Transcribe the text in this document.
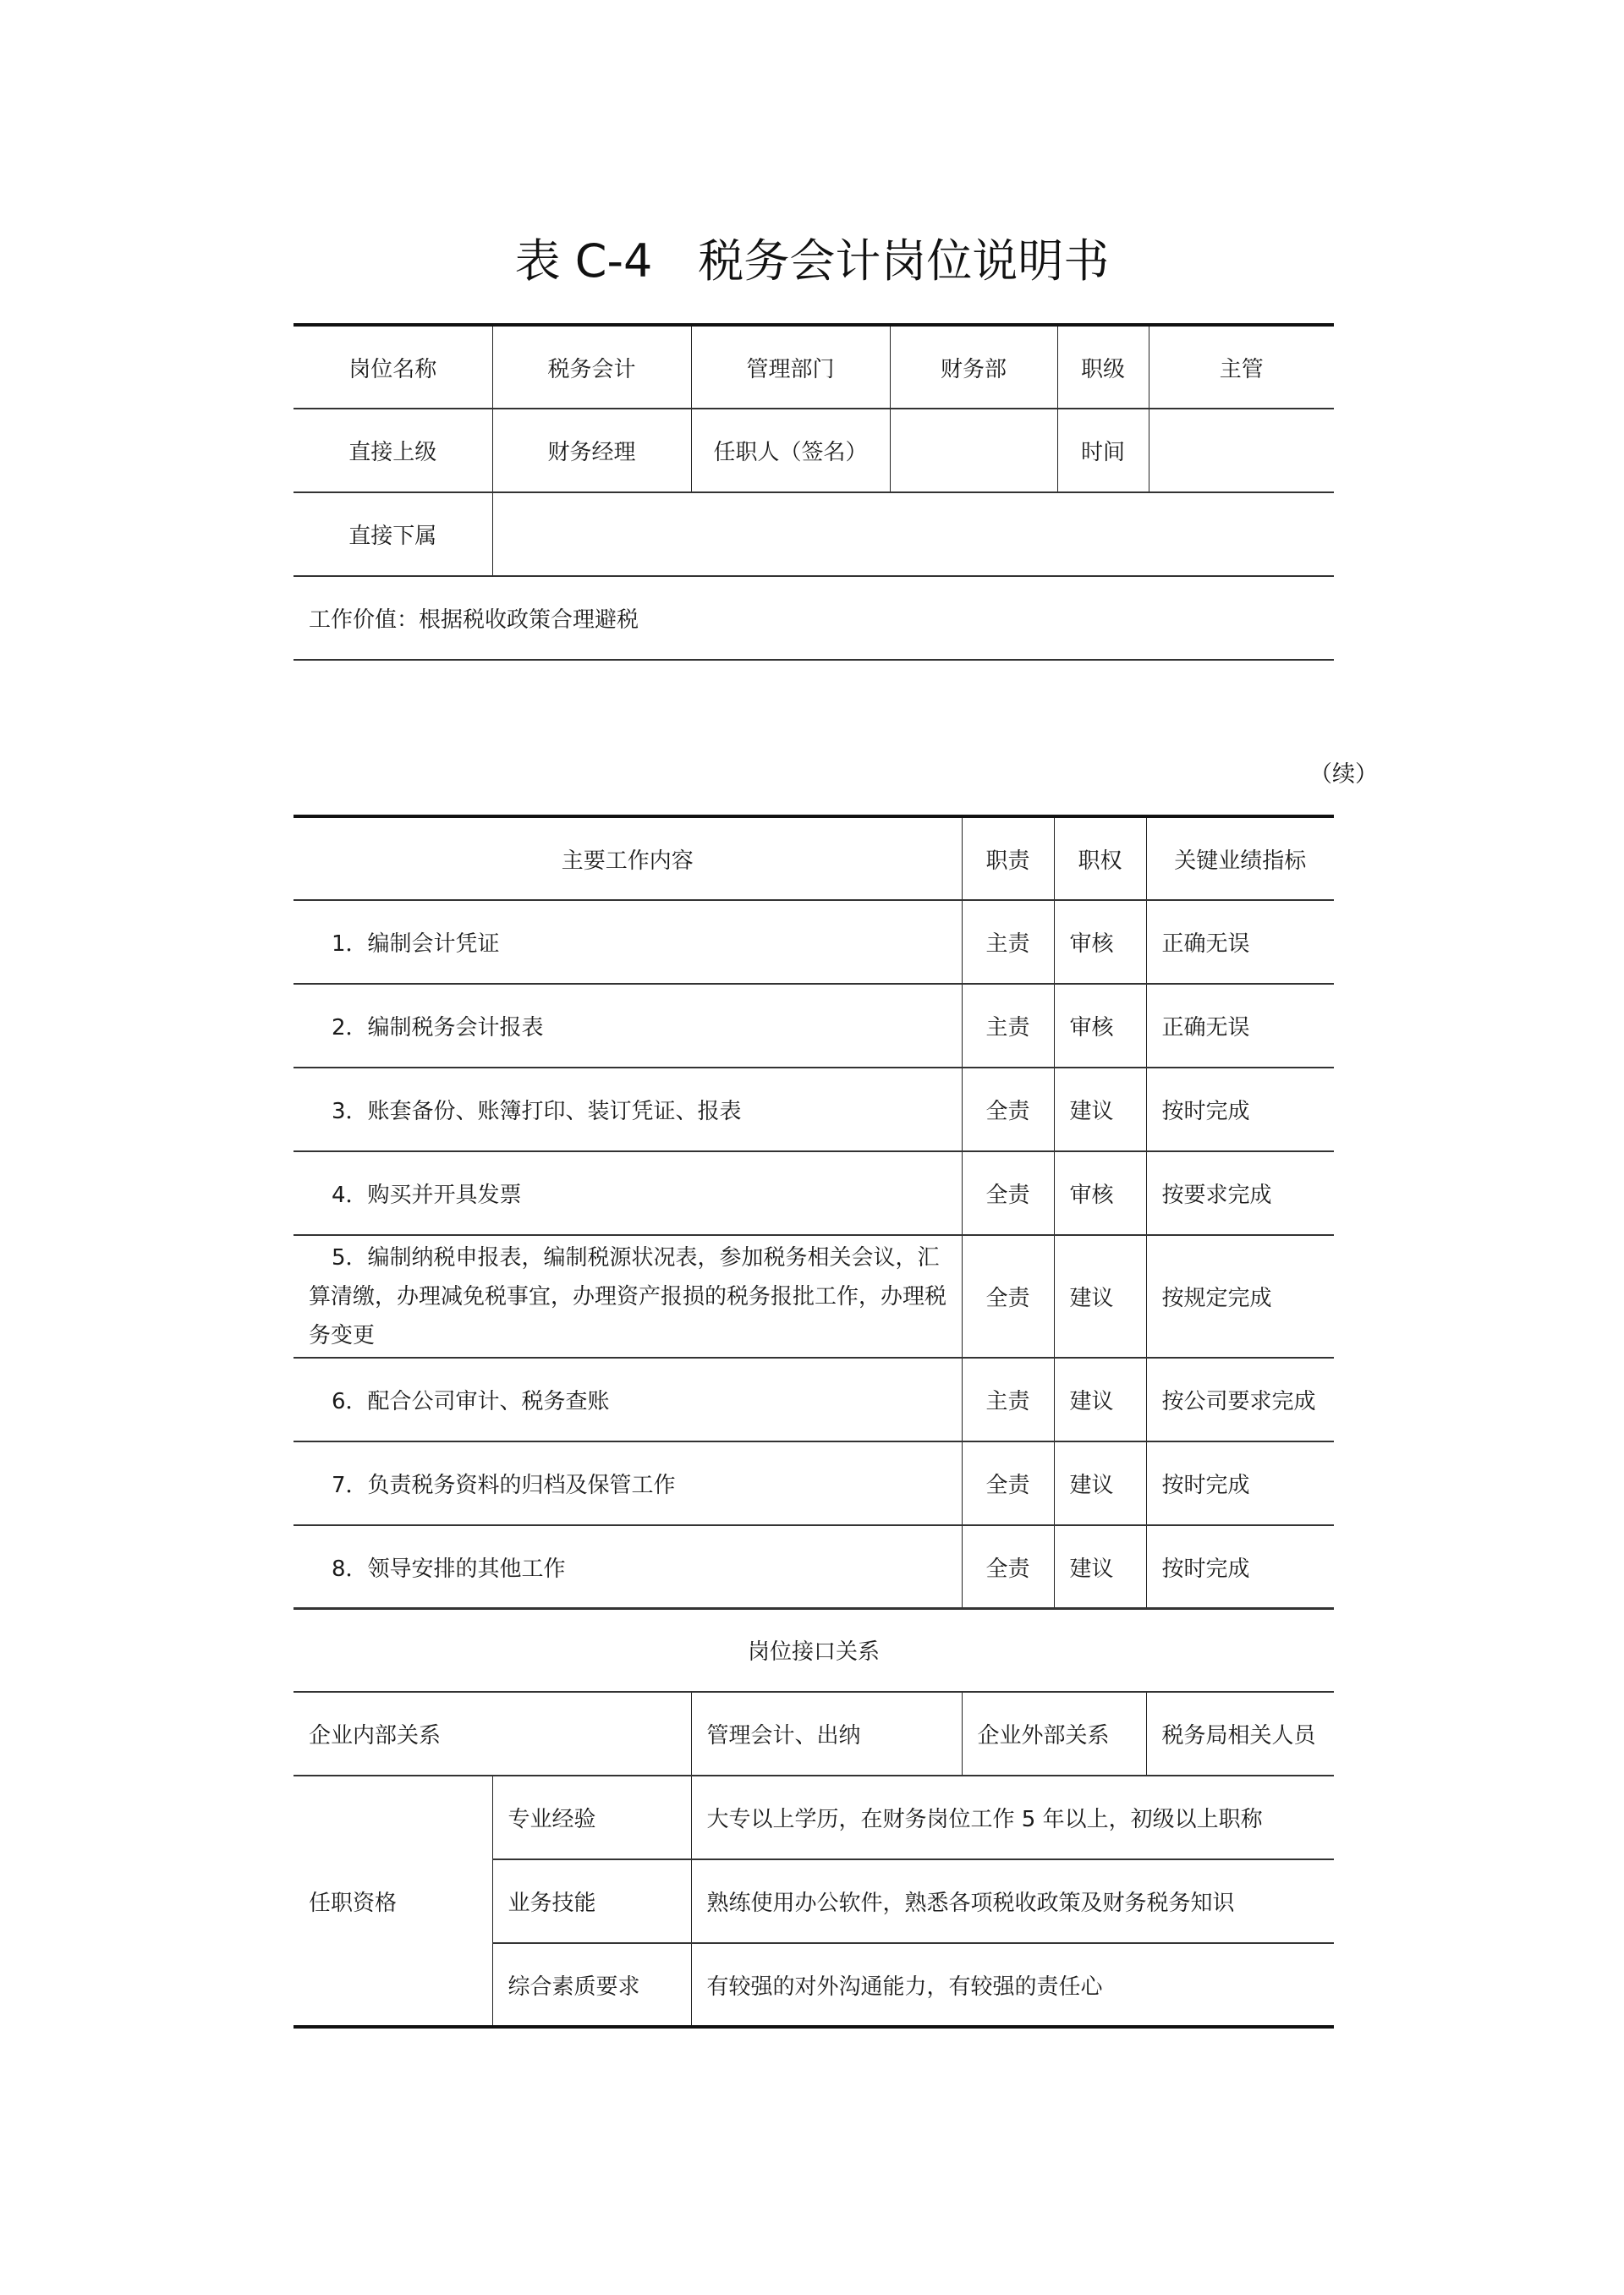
表 C-4　税务会计岗位说明书
岗位名称	税务会计	管理部门	财务部	职级	主管
直接上级	财务经理	任职人（签名）		时间	
直接下属					
工作价值：根据税收政策合理避税					
（续）
主要工作内容	职责	职权	关键业绩指标
1．编制会计凭证	主责	审核	正确无误
2．编制税务会计报表	主责	审核	正确无误
3．账套备份、账簿打印、装订凭证、报表	全责	建议	按时完成
4．购买并开具发票	全责	审核	按要求完成
5．编制纳税申报表，编制税源状况表，参加税务相关会议，汇算清缴，办理减免税事宜，办理资产报损的税务报批工作，办理税务变更	全责	建议	按规定完成
6．配合公司审计、税务查账	主责	建议	按公司要求完成
7．负责税务资料的归档及保管工作	全责	建议	按时完成
8．领导安排的其他工作	全责	建议	按时完成
岗位接口关系				
企业内部关系		管理会计、出纳	企业外部关系	税务局相关人员
任职资格	专业经验	大专以上学历，在财务岗位工作 5 年以上，初级以上职称		
	业务技能	熟练使用办公软件，熟悉各项税收政策及财务税务知识		
	综合素质要求	有较强的对外沟通能力，有较强的责任心		
